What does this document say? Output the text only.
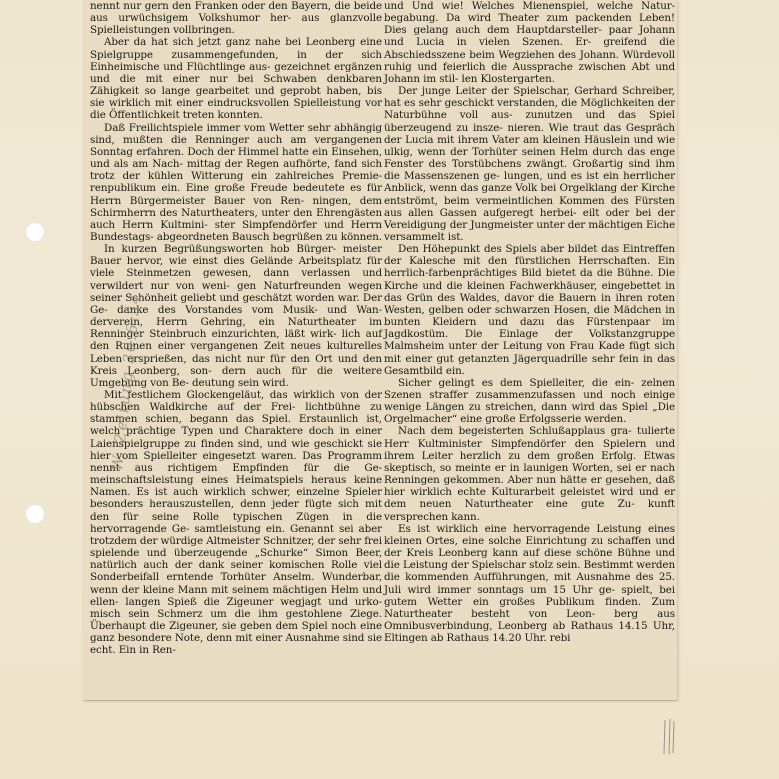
nennt nur gern den Franken oder den Bayern, die beide aus urwüchsigem Volkshumor her- aus glanzvolle Spielleistungen vollbringen.

Aber da hat sich jetzt ganz nahe bei Leonberg eine Spielgruppe zusammengefunden, in der sich Einheimische und Flüchtlinge aus- gezeichnet ergänzen und die mit einer nur bei Schwaben denkbaren Zähigkeit so lange gearbeitet und geprobt haben, bis sie wirklich mit einer eindrucksvollen Spielleistung vor die Öffentlichkeit treten konnten.

Daß Freilichtspiele immer vom Wetter sehr abhängig sind, mußten die Renninger auch am vergangenen Sonntag erfahren. Doch der Himmel hatte ein Einsehen, und als am Nach- mittag der Regen aufhörte, fand sich trotz der kühlen Witterung ein zahlreiches Premie- renpublikum ein. Eine große Freude bedeutete es für Herrn Bürgermeister Bauer von Ren- ningen, dem Schirmherrn des Naturtheaters, unter den Ehrengästen auch Herrn Kultmini- ster Simpfendörfer und Herrn Bundestags- abgeordneten Bausch begrüßen zu können.

In kurzen Begrüßungsworten hob Bürger- meister Bauer hervor, wie einst dies Gelände Arbeitsplatz für viele Steinmetzen gewesen, dann verlassen und verwildert nur von weni- gen Naturfreunden wegen seiner Schönheit geliebt und geschätzt worden war. Der Ge- danke des Vorstandes vom Musik- und Wan- derverein, Herrn Gehring, ein Naturtheater im Renninger Steinbruch einzurichten, läßt wirk- lich auf den Ruinen einer vergangenen Zeit neues kulturelles Leben ersprießen, das nicht nur für den Ort und den Kreis Leonberg, son- dern auch für die weitere Umgebung von Be- deutung sein wird.

Mit festlichem Glockengeläut, das wirklich von der hübschen Waldkirche auf der Frei- lichtbühne zu stammen schien, begann das Spiel. Erstaunlich ist, welch prächtige Typen und Charaktere doch in einer Laienspielgruppe zu finden sind, und wie geschickt sie hier vom Spielleiter eingesetzt waren. Das Programm nennt aus richtigem Empfinden für die Ge- meinschaftsleistung eines Heimatspiels heraus keine Namen. Es ist auch wirklich schwer, einzelne Spieler besonders herauszustellen, denn jeder fügte sich mit den für seine Rolle typischen Zügen in die hervorragende Ge- samtleistung ein. Genannt sei aber trotzdem der würdige Altmeister Schnitzer, der sehr frei spielende und überzeugende „Schurke“ Simon Beer, natürlich auch der dank seiner komischen Rolle viel Sonderbeifall erntende Torhüter Anselm. Wunderbar, wenn der kleine Mann mit seinem mächtigen Helm und ellen- langen Spieß die Zigeuner wegjagt und urko- misch sein Schmerz um die ihm gestohlene Ziege. Überhaupt die Zigeuner, sie geben dem Spiel noch eine ganz besondere Note, denn mit einer Ausnahme sind sie echt. Ein in Ren-

und Und wie! Welches Mienenspiel, welche Natur- begabung. Da wird Theater zum packenden Leben! Dies gelang auch dem Hauptdarsteller- paar Johann und Lucia in vielen Szenen. Er- greifend die Abschiedsszene beim Wegziehen des Johann. Würdevoll ruhig und feierlich die Aussprache zwischen Abt und Johann im stil- len Klostergarten.

Der junge Leiter der Spielschar, Gerhard Schreiber, hat es sehr geschickt verstanden, die Möglichkeiten der Naturbühne voll aus- zunutzen und das Spiel überzeugend zu insze- nieren. Wie traut das Gespräch der Lucia mit ihrem Vater am kleinen Häuslein und wie ulkig, wenn der Torhüter seinen Helm durch das enge Fenster des Torstübchens zwängt. Großartig sind ihm die Massenszenen ge- lungen, und es ist ein herrlicher Anblick, wenn das ganze Volk bei Orgelklang der Kirche entströmt, beim vermeintlichen Kommen des Fürsten aus allen Gassen aufgeregt herbei- eilt oder bei der Vereidigung der Jungmeister unter der mächtigen Eiche versammelt ist.

Den Höhepunkt des Spiels aber bildet das Eintreffen der Kalesche mit den fürstlichen Herrschaften. Ein herrlich-farbenprächtiges Bild bietet da die Bühne. Die Kirche und die kleinen Fachwerkhäuser, eingebettet in das Grün des Waldes, davor die Bauern in ihren roten Westen, gelben oder schwarzen Hosen, die Mädchen in bunten Kleidern und dazu das Fürstenpaar im Jagdkostüm. Die Einlage der Volkstanzgruppe Malmsheim unter der Leitung von Frau Kade fügt sich mit einer gut getanzten Jägerquadrille sehr fein in das Gesamtbild ein.

Sicher gelingt es dem Spielleiter, die ein- zelnen Szenen straffer zusammenzufassen und noch einige wenige Längen zu streichen, dann wird das Spiel „Die Orgelmacher“ eine große Erfolgsserie werden.

Nach dem begeisterten Schlußapplaus gra- tulierte Herr Kultminister Simpfendörfer den Spielern und ihrem Leiter herzlich zu dem großen Erfolg. Etwas skeptisch, so meinte er in launigen Worten, sei er nach Renningen gekommen. Aber nun hätte er gesehen, daß hier wirklich echte Kulturarbeit geleistet wird und er dem neuen Naturtheater eine gute Zu- kunft versprechen kann.

Es ist wirklich eine hervorragende Leistung eines kleinen Ortes, eine solche Einrichtung zu schaffen und der Kreis Leonberg kann auf diese schöne Bühne und die Leistung der Spielschar stolz sein. Bestimmt werden die kommenden Aufführungen, mit Ausnahme des 25. Juli wird immer sonntags um 15 Uhr ge- spielt, bei gutem Wetter ein großes Publikum finden. Zum Naturtheater besteht von Leon- berg aus Omnibusverbindung, Leonberg ab Rathaus 14.15 Uhr, Eltingen ab Rathaus 14.20 Uhr. rebi

W. Zeitung 30.6.54
